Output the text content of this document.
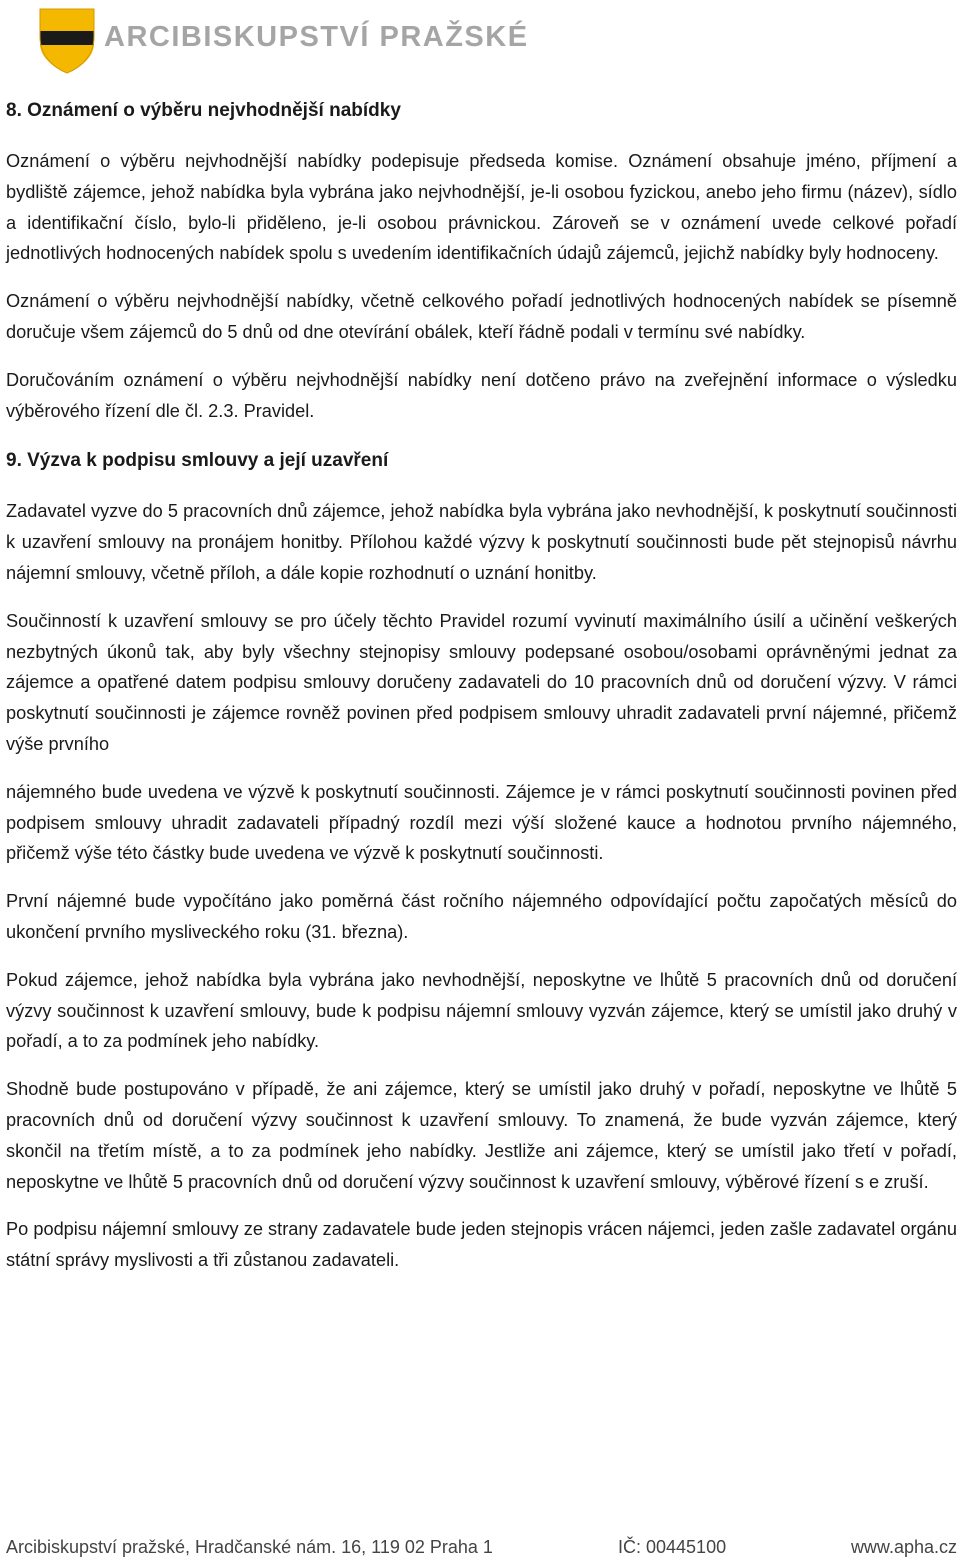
ARCIBISKUPSTVÍ PRAŽSKÉ
8. Oznámení o výběru nejvhodnější nabídky

Oznámení o výběru nejvhodnější nabídky podepisuje předseda komise. Oznámení obsahuje jméno, příjmení a bydliště zájemce, jehož nabídka byla vybrána jako nejvhodnější, je-li osobou fyzickou, anebo jeho firmu (název), sídlo a identifikační číslo, bylo-li přiděleno, je-li osobou právnickou. Zároveň se v oznámení uvede celkové pořadí jednotlivých hodnocených nabídek spolu s uvedením identifikačních údajů zájemců, jejichž nabídky byly hodnoceny.

Oznámení o výběru nejvhodnější nabídky, včetně celkového pořadí jednotlivých hodnocených nabídek se písemně doručuje všem zájemců do 5 dnů od dne otevírání obálek, kteří řádně podali v termínu své nabídky.

Doručováním oznámení o výběru nejvhodnější nabídky není dotčeno právo na zveřejnění informace o výsledku výběrového řízení dle čl. 2.3. Pravidel.

9. Výzva k podpisu smlouvy a její uzavření

Zadavatel vyzve do 5 pracovních dnů zájemce, jehož nabídka byla vybrána jako nevhodnější, k poskytnutí součinnosti k uzavření smlouvy na pronájem honitby. Přílohou každé výzvy k poskytnutí součinnosti bude pět stejnopisů návrhu nájemní smlouvy, včetně příloh, a dále kopie rozhodnutí o uznání honitby.

Součinností k uzavření smlouvy se pro účely těchto Pravidel rozumí vyvinutí maximálního úsilí a učinění veškerých nezbytných úkonů tak, aby byly všechny stejnopisy smlouvy podepsané osobou/osobami oprávněnými jednat za zájemce a opatřené datem podpisu smlouvy doručeny zadavateli do 10 pracovních dnů od doručení výzvy. V rámci poskytnutí součinnosti je zájemce rovněž povinen před podpisem smlouvy uhradit zadavateli první nájemné, přičemž výše prvního

nájemného bude uvedena ve výzvě k poskytnutí součinnosti. Zájemce je v rámci poskytnutí součinnosti povinen před podpisem smlouvy uhradit zadavateli případný rozdíl mezi výší složené kauce a hodnotou prvního nájemného, přičemž výše této částky bude uvedena ve výzvě k poskytnutí součinnosti.

První nájemné bude vypočítáno jako poměrná část ročního nájemného odpovídající počtu započatých měsíců do ukončení prvního mysliveckého roku (31. března).

Pokud zájemce, jehož nabídka byla vybrána jako nevhodnější, neposkytne ve lhůtě 5 pracovních dnů od doručení výzvy součinnost k uzavření smlouvy, bude k podpisu nájemní smlouvy vyzván zájemce, který se umístil jako druhý v pořadí, a to za podmínek jeho nabídky.

Shodně bude postupováno v případě, že ani zájemce, který se umístil jako druhý v pořadí, neposkytne ve lhůtě 5 pracovních dnů od doručení výzvy součinnost k uzavření smlouvy. To znamená, že bude vyzván zájemce, který skončil na třetím místě, a to za podmínek jeho nabídky. Jestliže ani zájemce, který se umístil jako třetí v pořadí, neposkytne ve lhůtě 5 pracovních dnů od doručení výzvy součinnost k uzavření smlouvy, výběrové řízení s e zruší.

Po podpisu nájemní smlouvy ze strany zadavatele bude jeden stejnopis vrácen nájemci, jeden zašle zadavatel orgánu státní správy myslivosti a tři zůstanou zadavateli.

Arcibiskupství pražské, Hradčanské nám. 16, 119 02 Praha 1	IČ: 00445100	www.apha.cz
